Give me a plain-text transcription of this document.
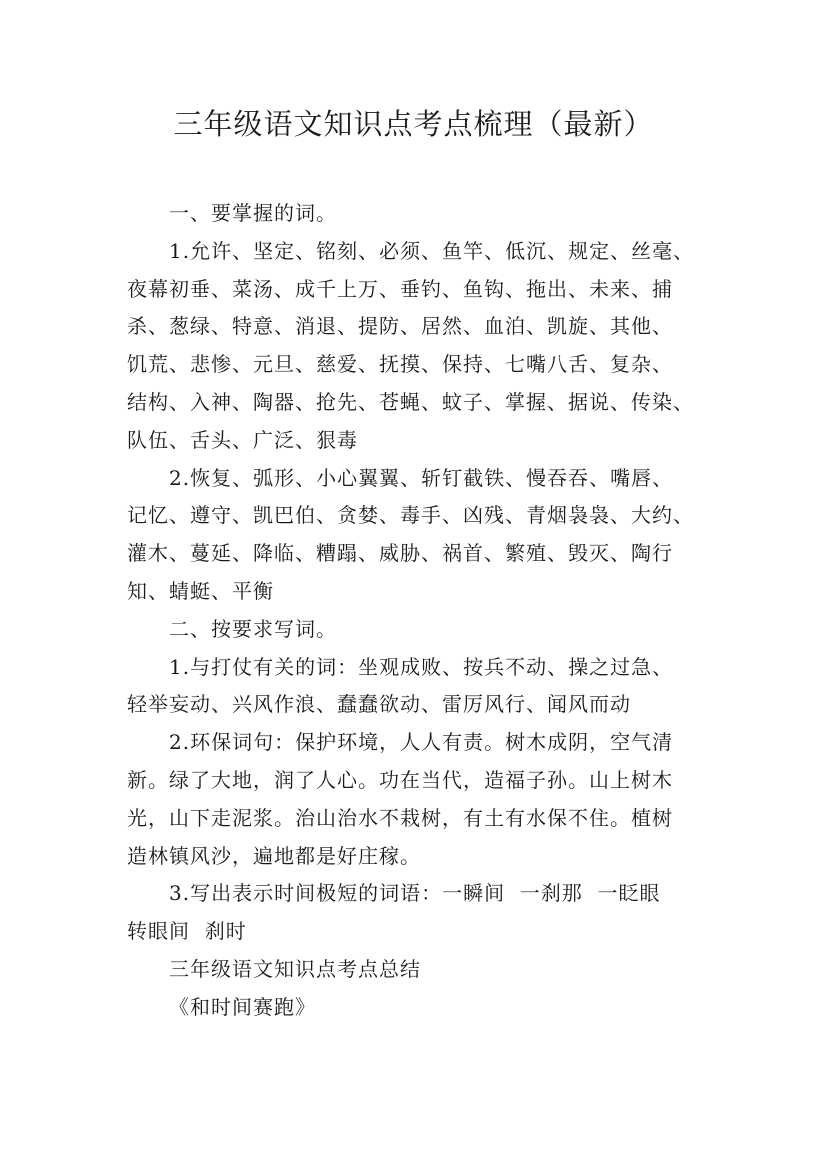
三年级语文知识点考点梳理（最新）

一、要掌握的词。

1.允许、坚定、铭刻、必须、鱼竿、低沉、规定、丝毫、
夜幕初垂、菜汤、成千上万、垂钓、鱼钩、拖出、未来、捕
杀、葱绿、特意、消退、提防、居然、血泊、凯旋、其他、
饥荒、悲惨、元旦、慈爱、抚摸、保持、七嘴八舌、复杂、
结构、入神、陶器、抢先、苍蝇、蚊子、掌握、据说、传染、
队伍、舌头、广泛、狠毒
2.恢复、弧形、小心翼翼、斩钉截铁、慢吞吞、嘴唇、
记忆、遵守、凯巴伯、贪婪、毒手、凶残、青烟袅袅、大约、
灌木、蔓延、降临、糟蹋、威胁、祸首、繁殖、毁灭、陶行
知、蜻蜓、平衡

二、按要求写词。

1.与打仗有关的词：坐观成败、按兵不动、操之过急、
轻举妄动、兴风作浪、蠢蠢欲动、雷厉风行、闻风而动
2.环保词句：保护环境，人人有责。树木成阴，空气清
新。绿了大地，润了人心。功在当代，造福子孙。山上树木
光，山下走泥浆。治山治水不栽树，有土有水保不住。植树
造林镇风沙，遍地都是好庄稼。
3.写出表示时间极短的词语：一瞬间  一刹那  一眨眼
转眼间  刹时

三年级语文知识点考点总结

《和时间赛跑》
